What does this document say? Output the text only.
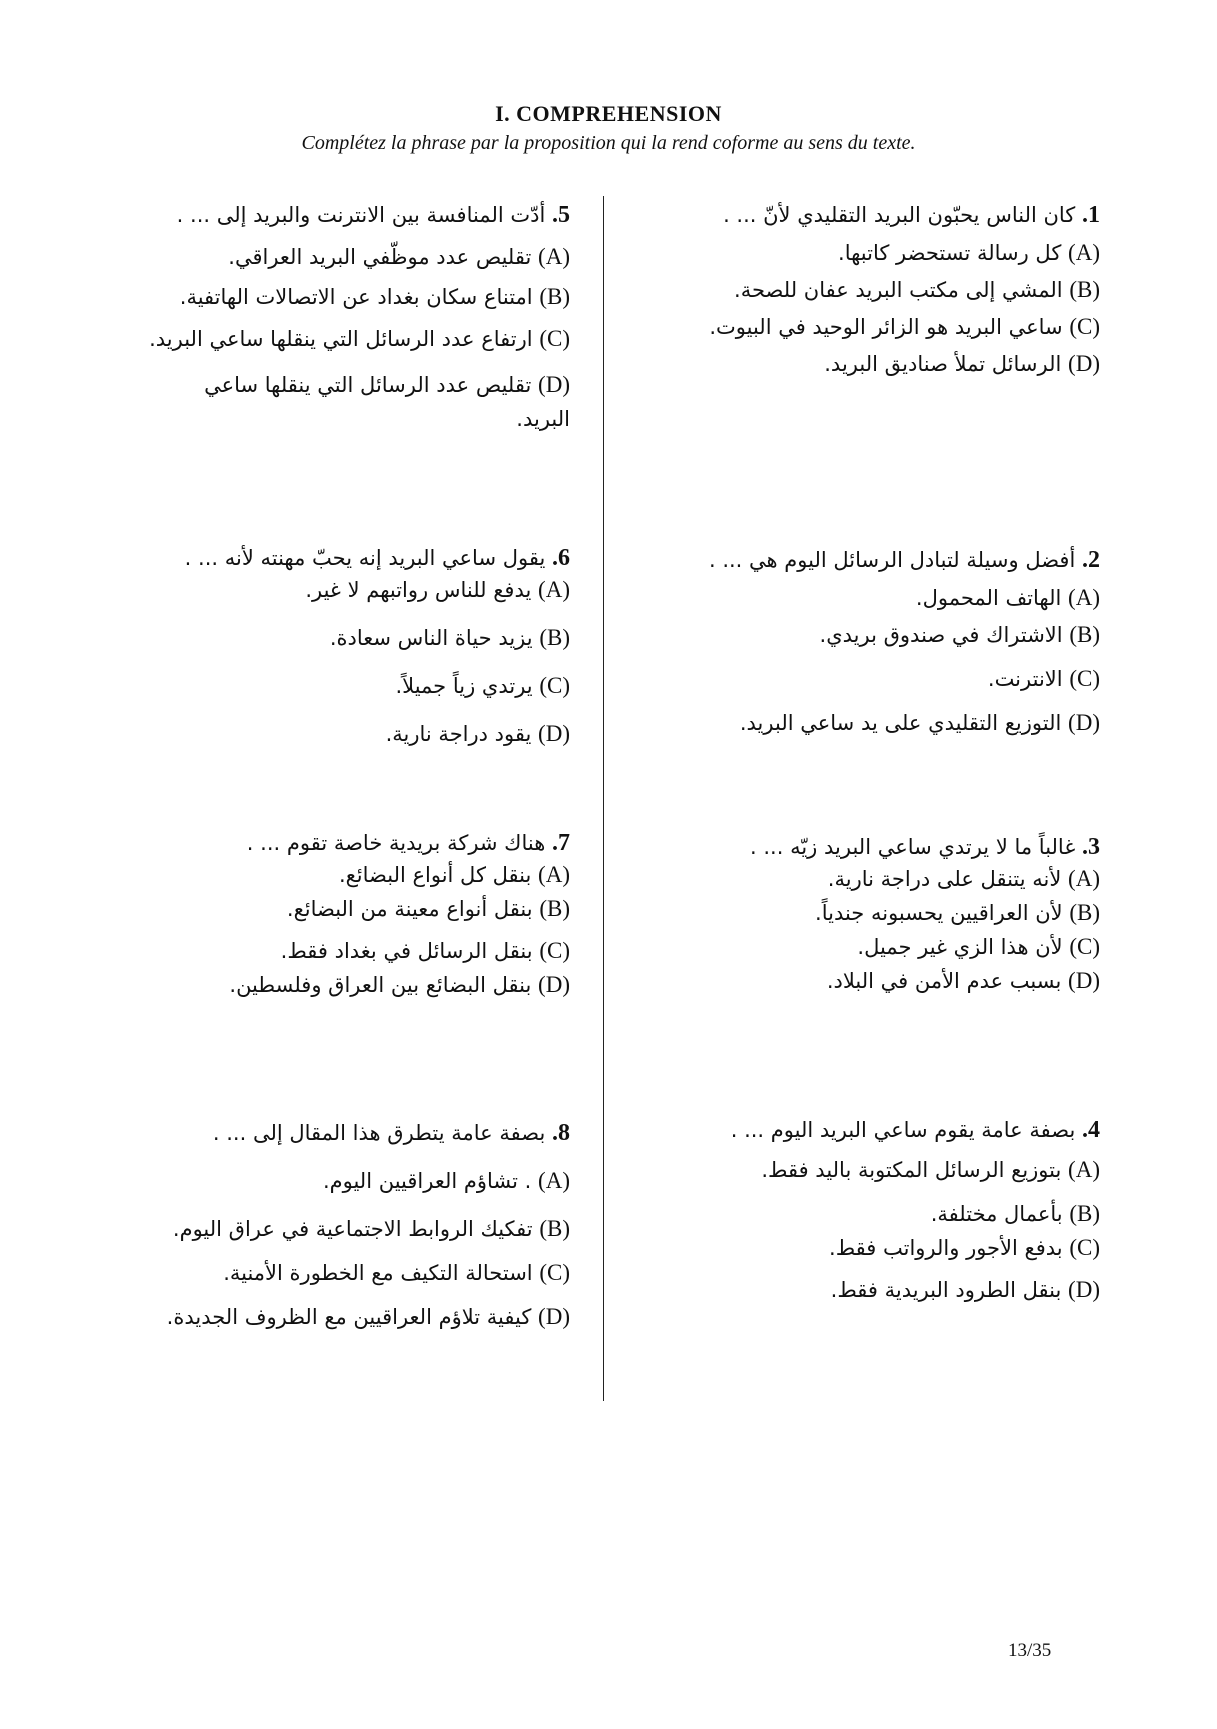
I. COMPREHENSION

Complétez la phrase par la proposition qui la rend coforme au sens du texte.

1. كان الناس يحبّون البريد التقليدي لأنّ ... .

(A) كل رسالة تستحضر كاتبها.

(B) المشي إلى مكتب البريد عفان للصحة.

(C) ساعي البريد هو الزائر الوحيد في البيوت.

(D) الرسائل تملأ صناديق البريد.

2. أفضل وسيلة لتبادل الرسائل اليوم هي ... .

(A) الهاتف المحمول.

(B) الاشتراك في صندوق بريدي.

(C) الانترنت.

(D) التوزيع التقليدي على يد ساعي البريد.

3. غالباً ما لا يرتدي ساعي البريد زيّه ... .

(A) لأنه يتنقل على دراجة نارية.

(B) لأن العراقيين يحسبونه جندياً.

(C) لأن هذا الزي غير جميل.

(D) بسبب عدم الأمن في البلاد.

4. بصفة عامة يقوم ساعي البريد اليوم ... .

(A) بتوزيع الرسائل المكتوبة باليد فقط.

(B) بأعمال مختلفة.

(C) بدفع الأجور والرواتب فقط.

(D) بنقل الطرود البريدية فقط.

5. أدّت المنافسة بين الانترنت والبريد إلى ... .

(A) تقليص عدد موظّفي البريد العراقي.

(B) امتناع سكان بغداد عن الاتصالات الهاتفية.

(C) ارتفاع عدد الرسائل التي ينقلها ساعي البريد.

(D) تقليص عدد الرسائل التي ينقلها ساعي البريد.

6. يقول ساعي البريد إنه يحبّ مهنته لأنه ... .

(A) يدفع للناس رواتبهم لا غير.

(B) يزيد حياة الناس سعادة.

(C) يرتدي زياً جميلاً.

(D) يقود دراجة نارية.

7. هناك شركة بريدية خاصة تقوم ... .

(A) بنقل كل أنواع البضائع.

(B) بنقل أنواع معينة من البضائع.

(C) بنقل الرسائل في بغداد فقط.

(D) بنقل البضائع بين العراق وفلسطين.

8. بصفة عامة يتطرق هذا المقال إلى ... .

(A) . تشاؤم العراقيين اليوم.

(B) تفكيك الروابط الاجتماعية في عراق اليوم.

(C) استحالة التكيف مع الخطورة الأمنية.

(D) كيفية تلاؤم العراقيين مع الظروف الجديدة.

13/35
